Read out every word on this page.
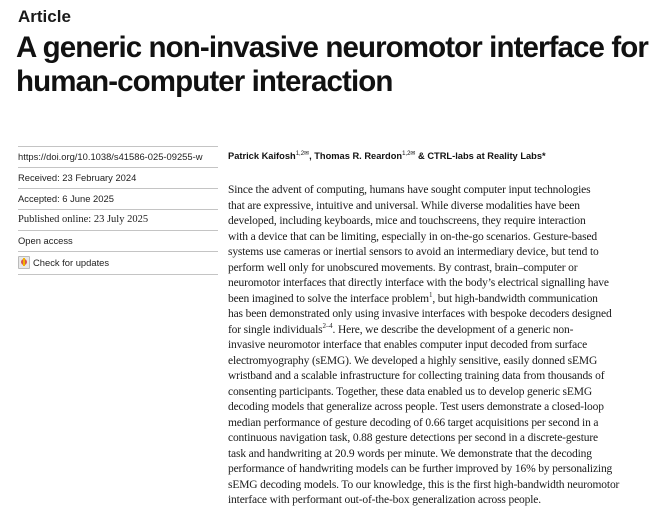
Article
A generic non-invasive neuromotor interface for human-computer interaction
https://doi.org/10.1038/s41586-025-09255-w
Received: 23 February 2024
Accepted: 6 June 2025
Published online: 23 July 2025
Open access
Check for updates
Patrick Kaifosh$^{1,2✉}$, Thomas R. Reardon$^{1,2✉}$ & CTRL-labs at Reality Labs*
Since the advent of computing, humans have sought computer input technologies
that are expressive, intuitive and universal. While diverse modalities have been
developed, including keyboards, mice and touchscreens, they require interaction
with a device that can be limiting, especially in on-the-go scenarios. Gesture-based
systems use cameras or inertial sensors to avoid an intermediary device, but tend to
perform well only for unobscured movements. By contrast, brain–computer or
neuromotor interfaces that directly interface with the body’s electrical signalling have
been imagined to solve the interface problem$^1$, but high-bandwidth communication
has been demonstrated only using invasive interfaces with bespoke decoders designed
for single individuals$^{2-4}$. Here, we describe the development of a generic non-
invasive neuromotor interface that enables computer input decoded from surface
electromyography (sEMG). We developed a highly sensitive, easily donned sEMG
wristband and a scalable infrastructure for collecting training data from thousands of
consenting participants. Together, these data enabled us to develop generic sEMG
decoding models that generalize across people. Test users demonstrate a closed-loop
median performance of gesture decoding of 0.66 target acquisitions per second in a
continuous navigation task, 0.88 gesture detections per second in a discrete-gesture
task and handwriting at 20.9 words per minute. We demonstrate that the decoding
performance of handwriting models can be further improved by 16% by personalizing
sEMG decoding models. To our knowledge, this is the first high-bandwidth neuromotor
interface with performant out-of-the-box generalization across people.
